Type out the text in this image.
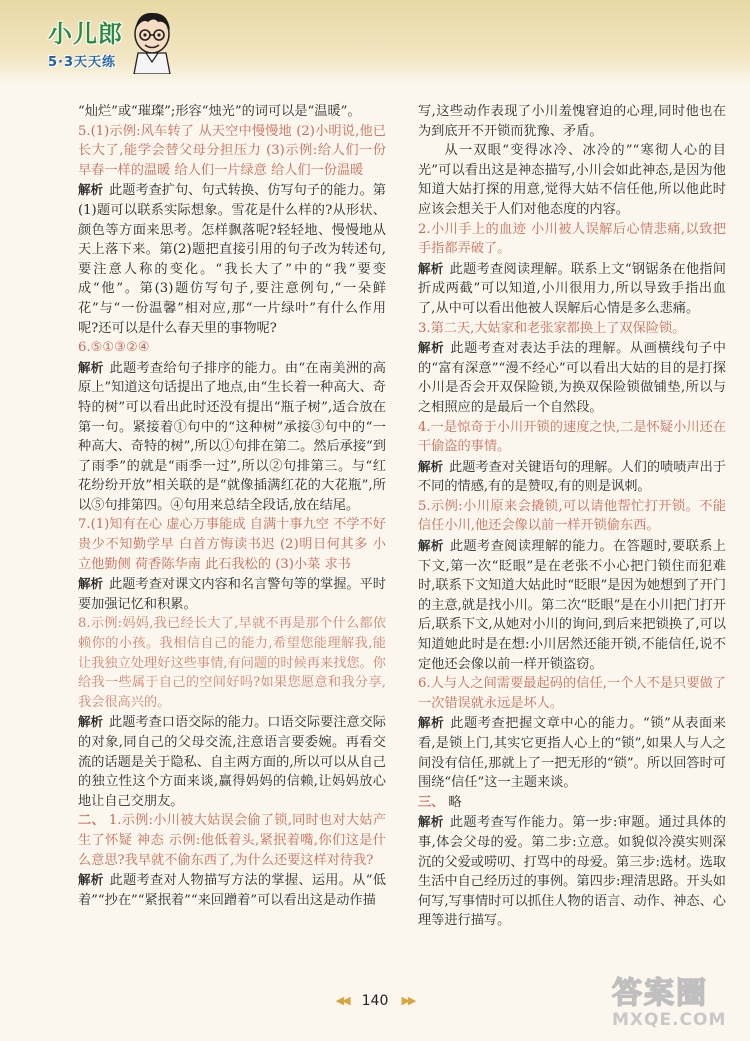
小儿郎
5·3天天练

“灿烂”或“璀璨”;形容“烛光”的词可以是“温暖”。

5.(1)示例:风车转了 从天空中慢慢地 (2)小明说,他已长大了,能学会替父母分担压力 (3)示例:给人们一份早春一样的温暖 给人们一片绿意 给人们一份温暖

解析 此题考查扩句、句式转换、仿写句子的能力。第(1)题可以联系实际想象。雪花是什么样的?从形状、颜色等方面来思考。怎样飘落呢?轻轻地、慢慢地从天上落下来。第(2)题把直接引用的句子改为转述句,要注意人称的变化。“我长大了”中的“我”要变成“他”。第(3)题仿写句子,要注意例句,“一朵鲜花”与“一份温馨”相对应,那“一片绿叶”有什么作用呢?还可以是什么春天里的事物呢?

6.⑤①③②④

解析 此题考查给句子排序的能力。由“在南美洲的高原上”知道这句话提出了地点,由“生长着一种高大、奇特的树”可以看出此时还没有提出“瓶子树”,适合放在第一句。紧接着①句中的“这种树”承接③句中的“一种高大、奇特的树”,所以①句排在第二。然后承接“到了雨季”的就是“雨季一过”,所以②句排第三。与“红花纷纷开放”相关联的是“就像插满红花的大花瓶”,所以⑤句排第四。④句用来总结全段话,放在结尾。

7.(1)知有在心 虚心万事能成 自满十事九空 不学不好 贵少不知勤学早 白首方悔读书迟 (2)明日何其多 小立他勤侧 荷香陈华南 此石我松的 (3)小菜 求书

解析 此题考查对课文内容和名言警句等的掌握。平时要加强记忆和积累。

8.示例:妈妈,我已经长大了,早就不再是那个什么都依赖你的小孩。我相信自己的能力,希望您能理解我,能让我独立处理好这些事情,有问题的时候再来找您。你给我一些属于自己的空间好吗?如果您愿意和我分享,我会很高兴的。

解析 此题考查口语交际的能力。口语交际要注意交际的对象,同自己的父母交流,注意语言要委婉。再看交流的话题是关于隐私、自主两方面的,所以可以从自己的独立性这个方面来谈,赢得妈妈的信赖,让妈妈放心地让自己交朋友。

二、 1.示例:小川被大姑误会偷了锁,同时也对大姑产生了怀疑 神态 示例:他低着头,紧抿着嘴,你们这是什么意思?我早就不偷东西了,为什么还要这样对待我?

解析 此题考查对人物描写方法的掌握、运用。从“低着”“抄在”“紧抿着”“来回蹭着”可以看出这是动作描

写,这些动作表现了小川羞愧窘迫的心理,同时他也在为到底开不开锁而犹豫、矛盾。

从一双眼“变得冰冷、冰冷的”“寒彻人心的目光”可以看出这是神态描写,小川会如此神态,是因为他知道大姑打探的用意,觉得大姑不信任他,所以他此时应该会想关于人们对他态度的内容。

2.小川手上的血迹 小川被人误解后心情悲痛,以致把手指都弄破了。

解析 此题考查阅读理解。联系上文“钢锯条在他指间折成两截”可以知道,小川很用力,所以导致手指出血了,从中可以看出他被人误解后心情是多么悲痛。

3.第二天,大姑家和老张家都换上了双保险锁。

解析 此题考查对表达手法的理解。从画横线句子中的“富有深意”“漫不经心”可以看出大姑的目的是打探小川是否会开双保险锁,为换双保险锁做铺垫,所以与之相照应的是最后一个自然段。

4.一是惊奇于小川开锁的速度之快,二是怀疑小川还在干偷盗的事情。

解析 此题考查对关键语句的理解。人们的啧啧声出于不同的情感,有的是赞叹,有的则是讽刺。

5.示例:小川原来会撬锁,可以请他帮忙打开锁。不能信任小川,他还会像以前一样开锁偷东西。

解析 此题考查阅读理解的能力。在答题时,要联系上下文,第一次“眨眼”是在老张不小心把门锁住而犯难时,联系下文知道大姑此时“眨眼”是因为她想到了开门的主意,就是找小川。第二次“眨眼”是在小川把门打开后,联系下文,从她对小川的询问,到后来把锁换了,可以知道她此时是在想:小川居然还能开锁,不能信任,说不定他还会像以前一样开锁盗窃。

6.人与人之间需要最起码的信任,一个人不是只要做了一次错误就永远是坏人。

解析 此题考查把握文章中心的能力。“锁”从表面来看,是锁上门,其实它更指人心上的“锁”,如果人与人之间没有信任,那就上了一把无形的“锁”。所以回答时可围绕“信任”这一主题来谈。

三、 略

解析 此题考查写作能力。第一步:审题。通过具体的事,体会父母的爱。第二步:立意。如貌似冷漠实则深沉的父爱或唠叨、打骂中的母爱。第三步:选材。选取生活中自己经历过的事例。第四步:理清思路。开头如何写,写事情时可以抓住人物的语言、动作、神态、心理等进行描写。

◀◀ 140 ▶▶	答案圈
MXQE.COM
